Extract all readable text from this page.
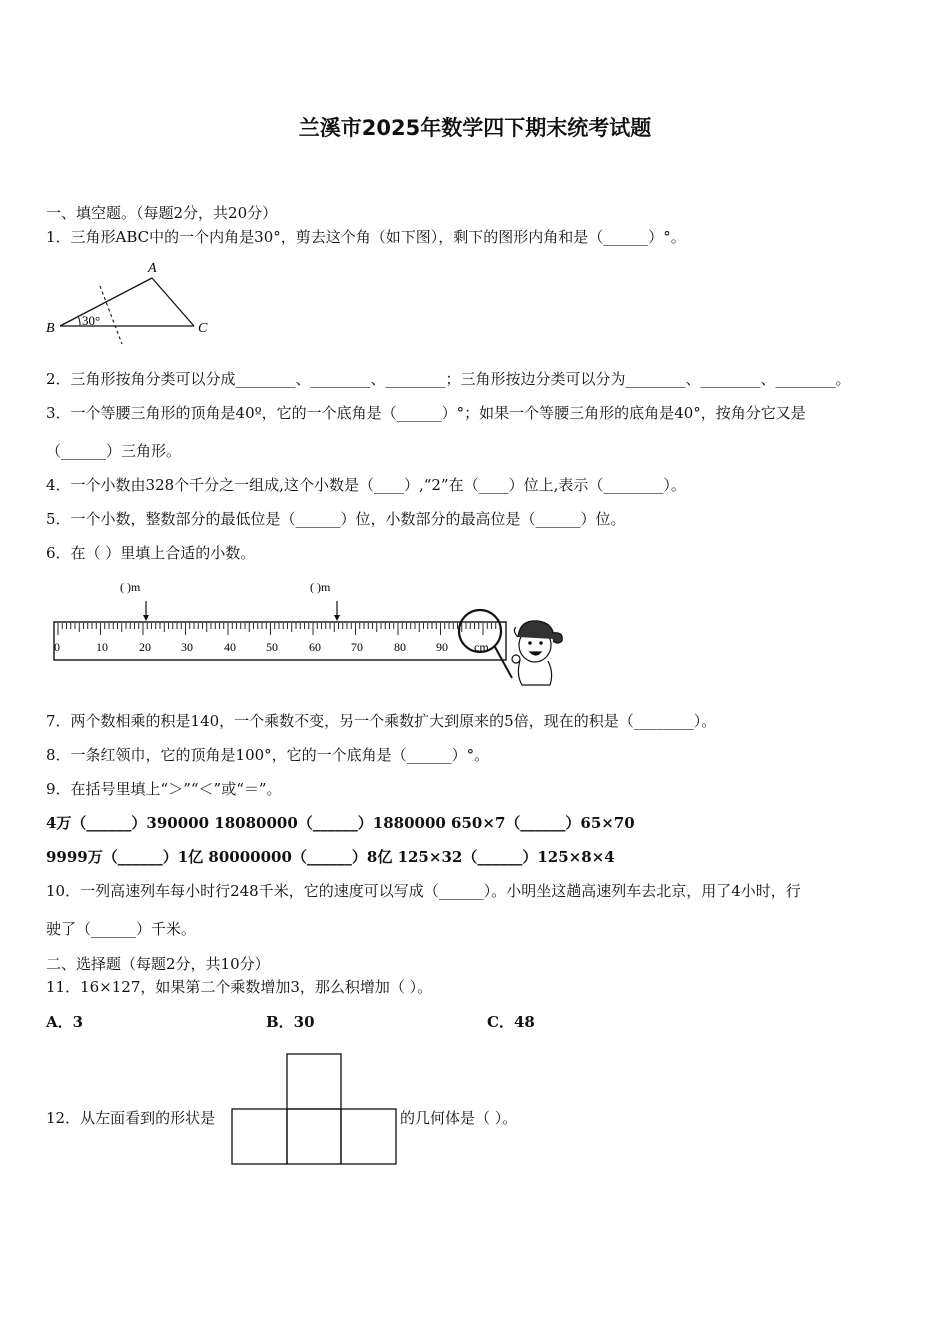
兰溪市2025年数学四下期末统考试题
一、填空题。（每题2分，共20分）
1．三角形ABC中的一个内角是30°，剪去这个角（如下图），剩下的图形内角和是（______）°。
A
B	C
30°
2．三角形按角分类可以分成________、________、________；三角形按边分类可以分为________、________、________。
3．一个等腰三角形的顶角是40º，它的一个底角是（______）°；如果一个等腰三角形的底角是40°，按角分它又是
（______）三角形。
4．一个小数由328个千分之一组成,这个小数是（____）,“2”在（____）位上,表示（________）。
5．一个小数，整数部分的最低位是（______）位，小数部分的最高位是（______）位。
6．在（ ）里填上合适的小数。
( )m	( )m
0	10	20	30	40	50	60	70	80	90 cm
7．两个数相乘的积是140，一个乘数不变，另一个乘数扩大到原来的5倍，现在的积是（________）。
8．一条红领巾，它的顶角是100°，它的一个底角是（______）°。
9．在括号里填上“＞”“＜”或“＝”。
4万（______）390000 18080000（______）1880000 650×7（______）65×70
9999万（______）1亿 80000000（______）8亿 125×32（______）125×8×4
10．一列高速列车每小时行248千米，它的速度可以写成（______）。小明坐这趟高速列车去北京，用了4小时，行
驶了（______）千米。
二、选择题（每题2分，共10分）
11．16×127，如果第二个乘数增加3，那么积增加（ ）。
A．3	B．30	C．48
12．从左面看到的形状是	的几何体是（ ）。
